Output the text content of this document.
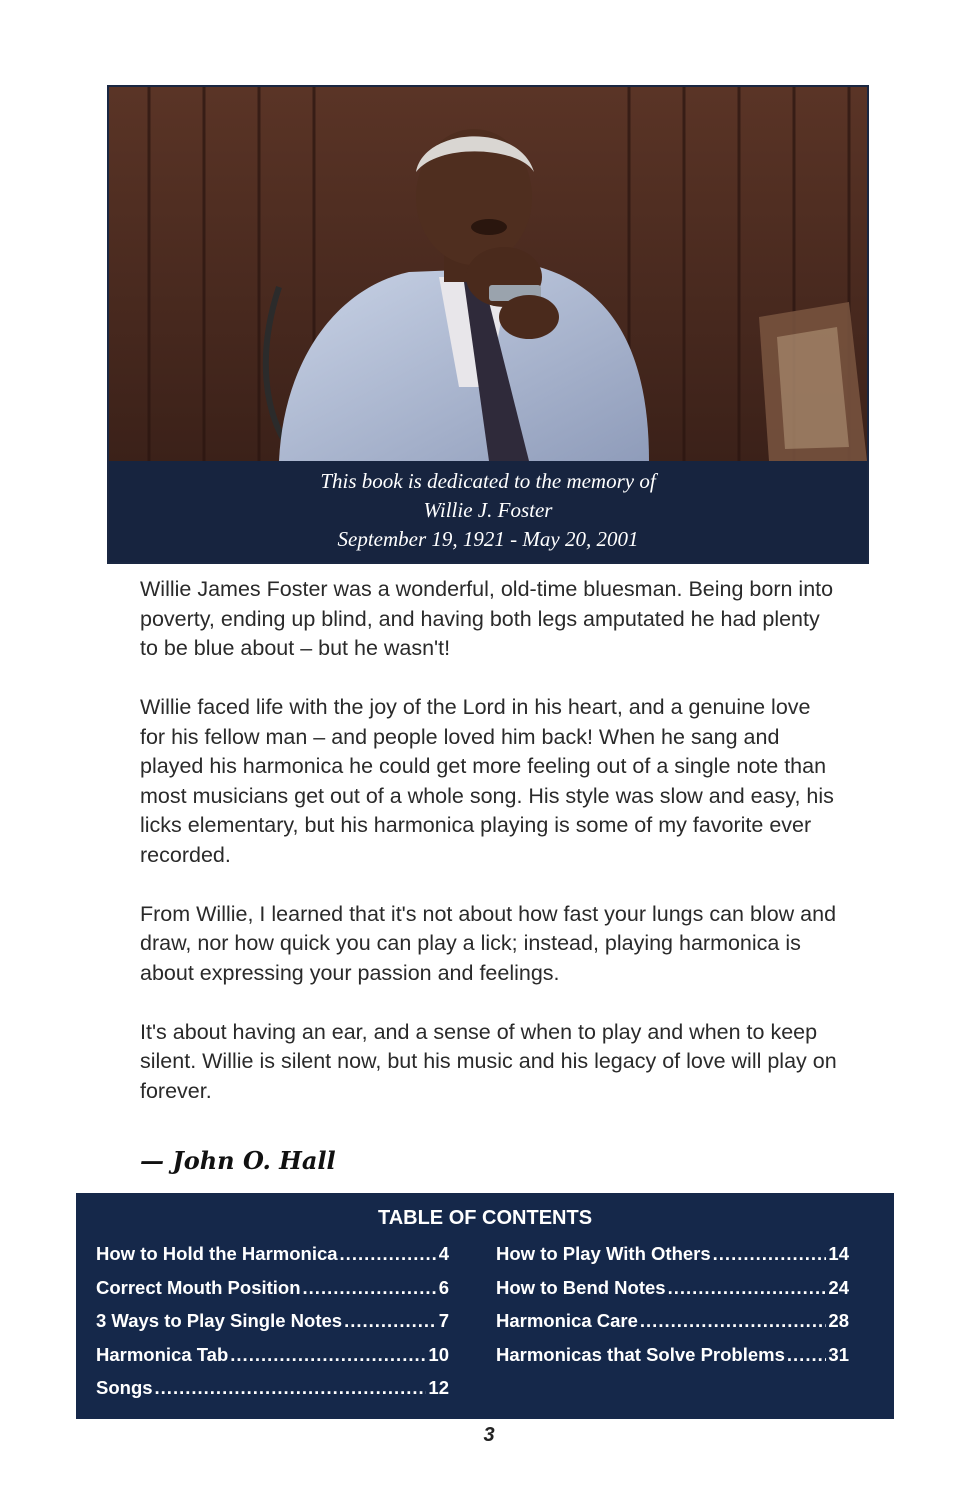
This book is dedicated to the memory of
Willie J. Foster
September 19, 1921 - May 20, 2001

Willie James Foster was a wonderful, old-time bluesman. Being born into poverty, ending up blind, and having both legs amputated he had plenty to be blue about – but he wasn't!

Willie faced life with the joy of the Lord in his heart, and a genuine love for his fellow man – and people loved him back! When he sang and played his harmonica he could get more feeling out of a single note than most musicians get out of a whole song. His style was slow and easy, his licks elementary, but his harmonica playing is some of my favorite ever recorded.

From Willie, I learned that it's not about how fast your lungs can blow and draw, nor how quick you can play a lick; instead, playing harmonica is about expressing your passion and feelings.

It's about having an ear, and a sense of when to play and when to keep silent. Willie is silent now, but his music and his legacy of love will play on forever.

— John O. Hall
TABLE OF CONTENTS
How to Hold the Harmonica .....	4
Correct Mouth Position .....	6
3 Ways to Play Single Notes .....	7
Harmonica Tab .....	10
Songs .....	12
How to Play With Others .....	14
How to Bend Notes .....	24
Harmonica Care .....	28
Harmonicas that Solve Problems ..... 31
3
